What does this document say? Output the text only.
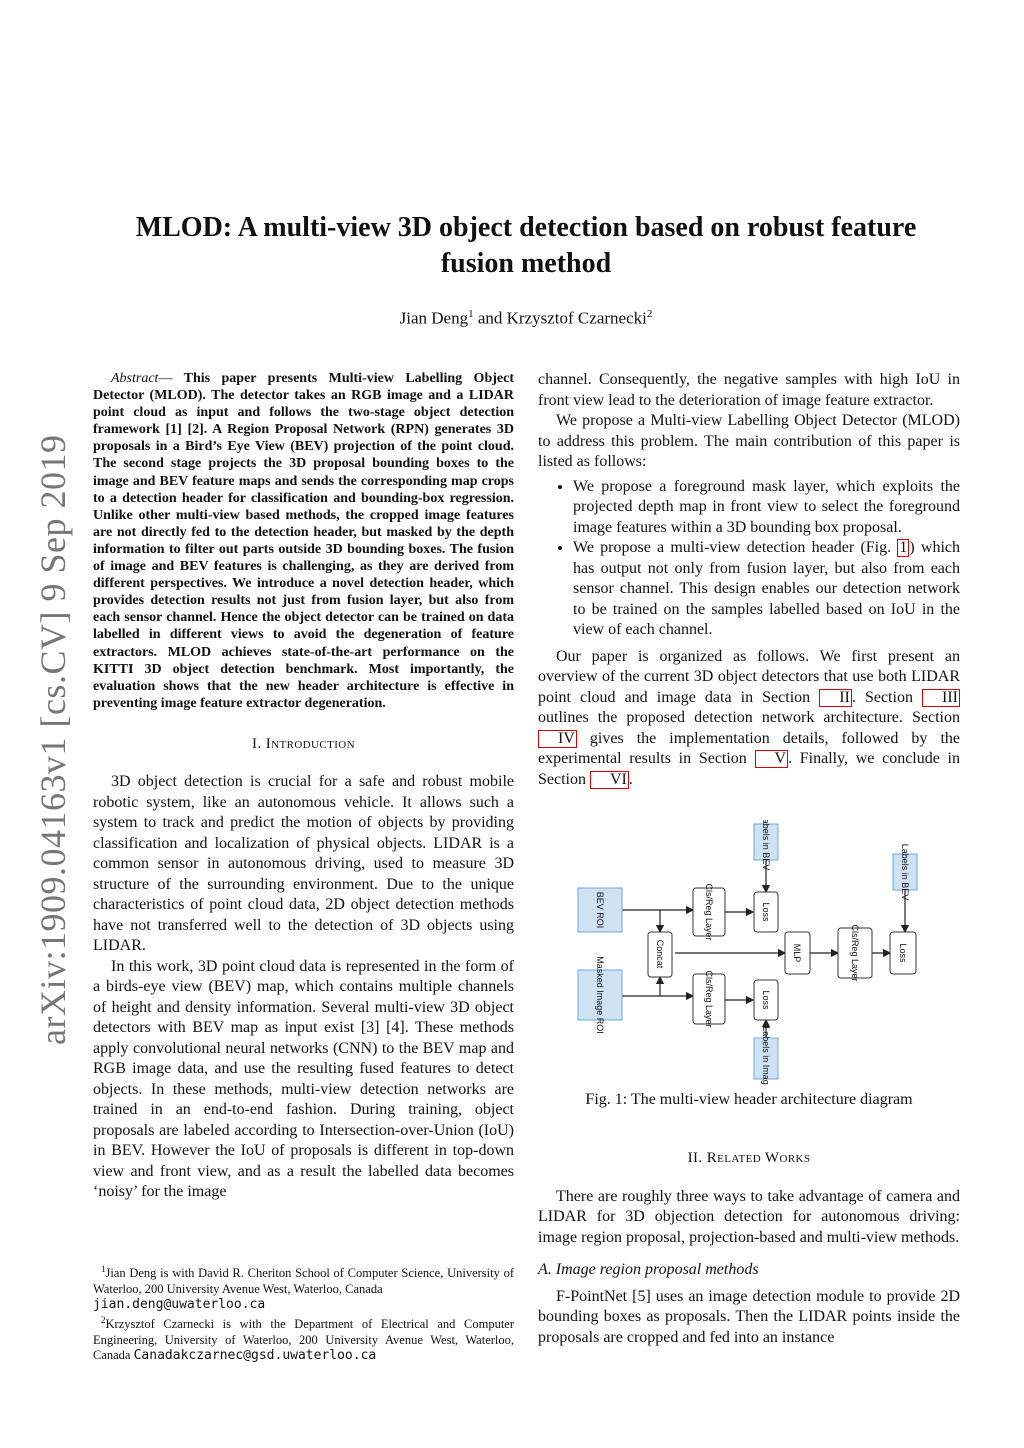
MLOD: A multi-view 3D object detection based on robust feature fusion method
Jian Deng$^1$ and Krzysztof Czarnecki$^2$
arXiv:1909.04163v1 [cs.CV] 9 Sep 2019

Abstract— This paper presents Multi-view Labelling Object Detector (MLOD). The detector takes an RGB image and a LIDAR point cloud as input and follows the two-stage object detection framework [1] [2]. A Region Proposal Network (RPN) generates 3D proposals in a Bird’s Eye View (BEV) projection of the point cloud. The second stage projects the 3D proposal bounding boxes to the image and BEV feature maps and sends the corresponding map crops to a detection header for classification and bounding-box regression. Unlike other multi-view based methods, the cropped image features are not directly fed to the detection header, but masked by the depth information to filter out parts outside 3D bounding boxes. The fusion of image and BEV features is challenging, as they are derived from different perspectives. We introduce a novel detection header, which provides detection results not just from fusion layer, but also from each sensor channel. Hence the object detector can be trained on data labelled in different views to avoid the degeneration of feature extractors. MLOD achieves state-of-the-art performance on the KITTI 3D object detection benchmark. Most importantly, the evaluation shows that the new header architecture is effective in preventing image feature extractor degeneration.

I. Introduction

3D object detection is crucial for a safe and robust mobile robotic system, like an autonomous vehicle. It allows such a system to track and predict the motion of objects by providing classification and localization of physical objects. LIDAR is a common sensor in autonomous driving, used to measure 3D structure of the surrounding environment. Due to the unique characteristics of point cloud data, 2D object detection methods have not transferred well to the detection of 3D objects using LIDAR.

In this work, 3D point cloud data is represented in the form of a birds-eye view (BEV) map, which contains multiple channels of height and density information. Several multi-view 3D object detectors with BEV map as input exist [3] [4]. These methods apply convolutional neural networks (CNN) to the BEV map and RGB image data, and use the resulting fused features to detect objects. In these methods, multi-view detection networks are trained in an end-to-end fashion. During training, object proposals are labeled according to Intersection-over-Union (IoU) in BEV. However the IoU of proposals is different in top-down view and front view, and as a result the labelled data becomes ‘noisy’ for the image

$^1$Jian Deng is with David R. Cheriton School of Computer Science, University of Waterloo, 200 University Avenue West, Waterloo, Canada
jian.deng@uwaterloo.ca

$^2$Krzysztof Czarnecki is with the Department of Electrical and Computer Engineering, University of Waterloo, 200 University Avenue West, Waterloo, Canada Canadakczarnec@gsd.uwaterloo.ca

channel. Consequently, the negative samples with high IoU in front view lead to the deterioration of image feature extractor.

We propose a Multi-view Labelling Object Detector (MLOD) to address this problem. The main contribution of this paper is listed as follows:

• We propose a foreground mask layer, which exploits the projected depth map in front view to select the foreground image features within a 3D bounding box proposal.
• We propose a multi-view detection header (Fig. 1 ) which has output not only from fusion layer, but also from each sensor channel. This design enables our detection network to be trained on the samples labelled based on IoU in the view of each channel.

Our paper is organized as follows. We first present an overview of the current 3D object detectors that use both LIDAR point cloud and image data in Section II . Section III outlines the proposed detection network architecture. Section IV gives the implementation details, followed by the experimental results in Section V . Finally, we conclude in Section VI .

Labels in BEV
Labels in BEV
BEV ROI
Masked Image ROI
Labels in Image
Concat
Cls/Reg Layer
Cls/Reg Layer
Loss
Loss
MLP	Cls/Reg Layer	Loss
Fig. 1: The multi-view header architecture diagram
II. Related Works

There are roughly three ways to take advantage of camera and LIDAR for 3D objection detection for autonomous driving: image region proposal, projection-based and multi-view methods.

A. Image region proposal methods

F-PointNet [5] uses an image detection module to provide 2D bounding boxes as proposals. Then the LIDAR points inside the proposals are cropped and fed into an instance
